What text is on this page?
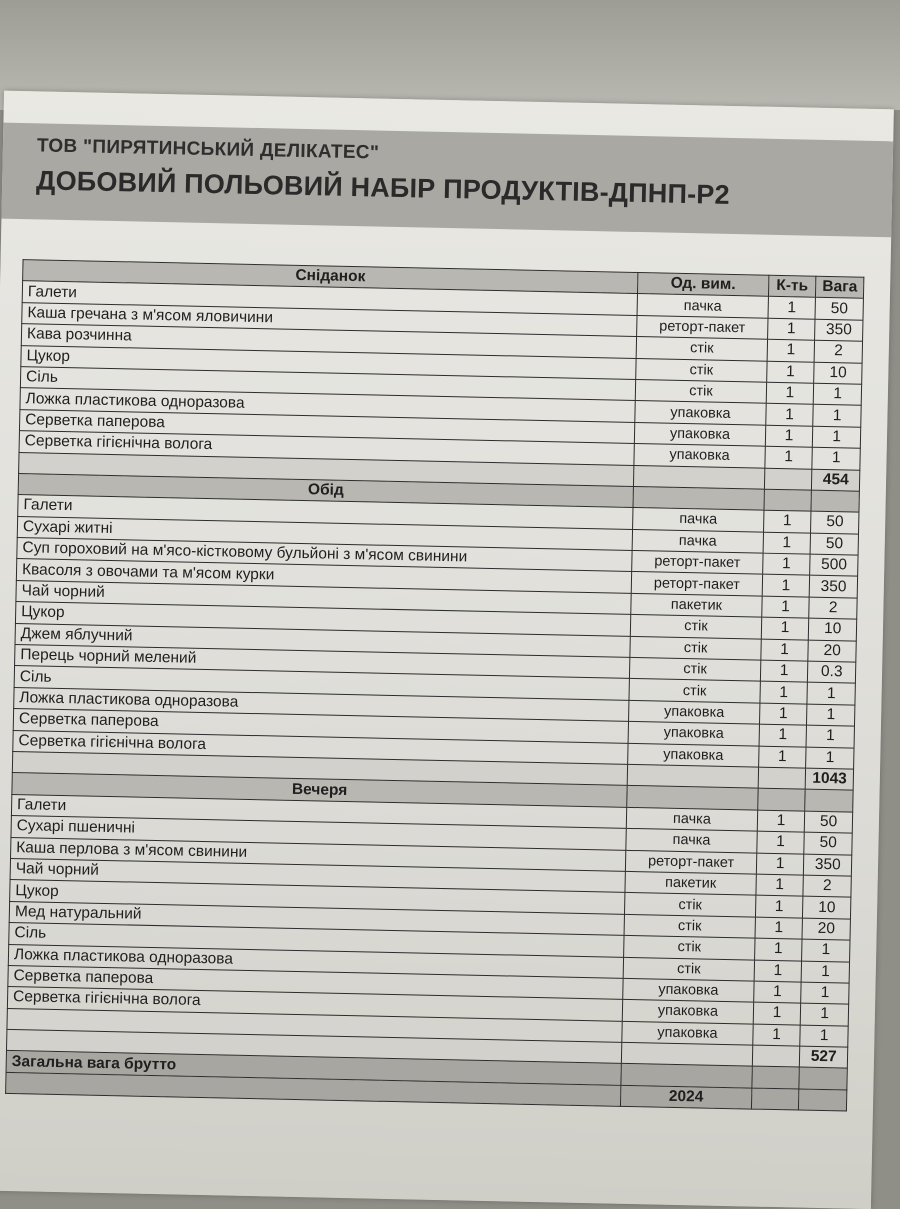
ТОВ "ПИРЯТИНСЬКИЙ ДЕЛІКАТЕС"
ДОБОВИЙ ПОЛЬОВИЙ НАБІР ПРОДУКТІВ-ДПНП-Р2
Сніданок	Од. вим.	К-ть	Вага
Галети	пачка	1	50
Каша гречана з м'ясом яловичини	реторт-пакет	1	350
Кава розчинна	стік	1	2
Цукор	стік	1	10
Сіль	стік	1	1
Ложка пластикова одноразова	упаковка	1	1
Серветка паперова	упаковка	1	1
Серветка гігієнічна волога	упаковка	1	1
			454
Обід			
Галети	пачка	1	50
Сухарі житні	пачка	1	50
Суп гороховий на м'ясо-кістковому бульйоні з м'ясом свинини	реторт-пакет	1	500
Квасоля з овочами та м'ясом курки	реторт-пакет	1	350
Чай чорний	пакетик	1	2
Цукор	стік	1	10
Джем яблучний	стік	1	20
Перець чорний мелений	стік	1	0.3
Сіль	стік	1	1
Ложка пластикова одноразова	упаковка	1	1
Серветка паперова	упаковка	1	1
Серветка гігієнічна волога	упаковка	1	1
			1043
Вечеря			
Галети	пачка	1	50
Сухарі пшеничні	пачка	1	50
Каша перлова з м'ясом свинини	реторт-пакет	1	350
Чай чорний	пакетик	1	2
Цукор	стік	1	10
Мед натуральний	стік	1	20
Сіль	стік	1	1
Ложка пластикова одноразова	стік	1	1
Серветка паперова	упаковка	1	1
Серветка гігієнічна волога	упаковка	1	1
	упаковка	1	1
			527
Загальна вага брутто			
	2024		
